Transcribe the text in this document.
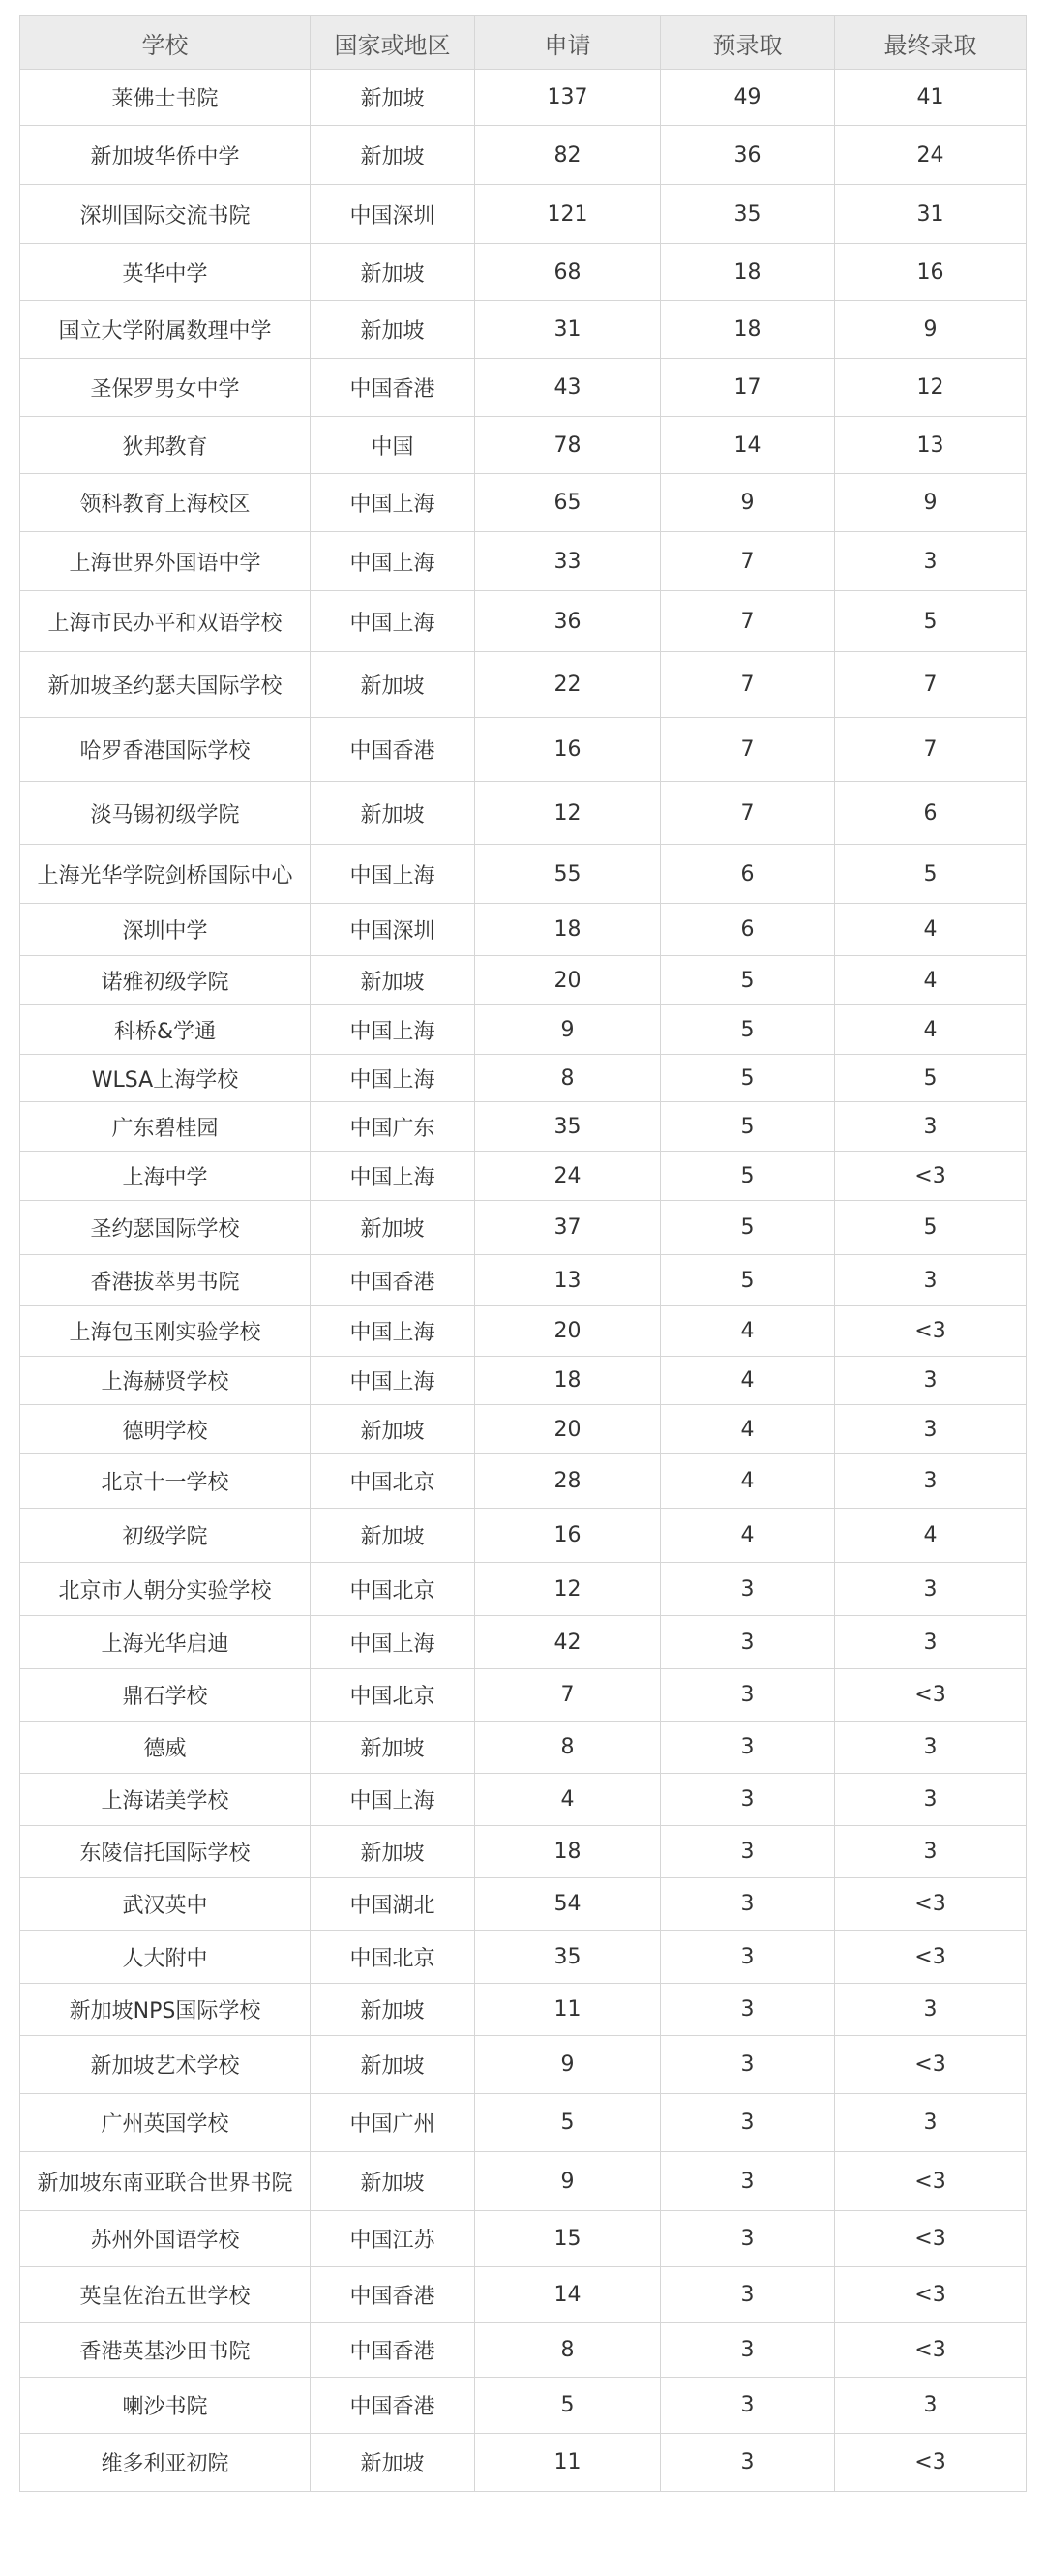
学校	国家或地区	申请	预录取	最终录取
莱佛士书院	新加坡	137	49	41
新加坡华侨中学	新加坡	82	36	24
深圳国际交流书院	中国深圳	121	35	31
英华中学	新加坡	68	18	16
国立大学附属数理中学	新加坡	31	18	9
圣保罗男女中学	中国香港	43	17	12
狄邦教育	中国	78	14	13
领科教育上海校区	中国上海	65	9	9
上海世界外国语中学	中国上海	33	7	3
上海市民办平和双语学校	中国上海	36	7	5
新加坡圣约瑟夫国际学校	新加坡	22	7	7
哈罗香港国际学校	中国香港	16	7	7
淡马锡初级学院	新加坡	12	7	6
上海光华学院剑桥国际中心	中国上海	55	6	5
深圳中学	中国深圳	18	6	4
诺雅初级学院	新加坡	20	5	4
科桥&学通	中国上海	9	5	4
WLSA上海学校	中国上海	8	5	5
广东碧桂园	中国广东	35	5	3
上海中学	中国上海	24	5	<3
圣约瑟国际学校	新加坡	37	5	5
香港拔萃男书院	中国香港	13	5	3
上海包玉刚实验学校	中国上海	20	4	<3
上海赫贤学校	中国上海	18	4	3
德明学校	新加坡	20	4	3
北京十一学校	中国北京	28	4	3
初级学院	新加坡	16	4	4
北京市人朝分实验学校	中国北京	12	3	3
上海光华启迪	中国上海	42	3	3
鼎石学校	中国北京	7	3	<3
德威	新加坡	8	3	3
上海诺美学校	中国上海	4	3	3
东陵信托国际学校	新加坡	18	3	3
武汉英中	中国湖北	54	3	<3
人大附中	中国北京	35	3	<3
新加坡NPS国际学校	新加坡	11	3	3
新加坡艺术学校	新加坡	9	3	<3
广州英国学校	中国广州	5	3	3
新加坡东南亚联合世界书院	新加坡	9	3	<3
苏州外国语学校	中国江苏	15	3	<3
英皇佐治五世学校	中国香港	14	3	<3
香港英基沙田书院	中国香港	8	3	<3
喇沙书院	中国香港	5	3	3
维多利亚初院	新加坡	11	3	<3
